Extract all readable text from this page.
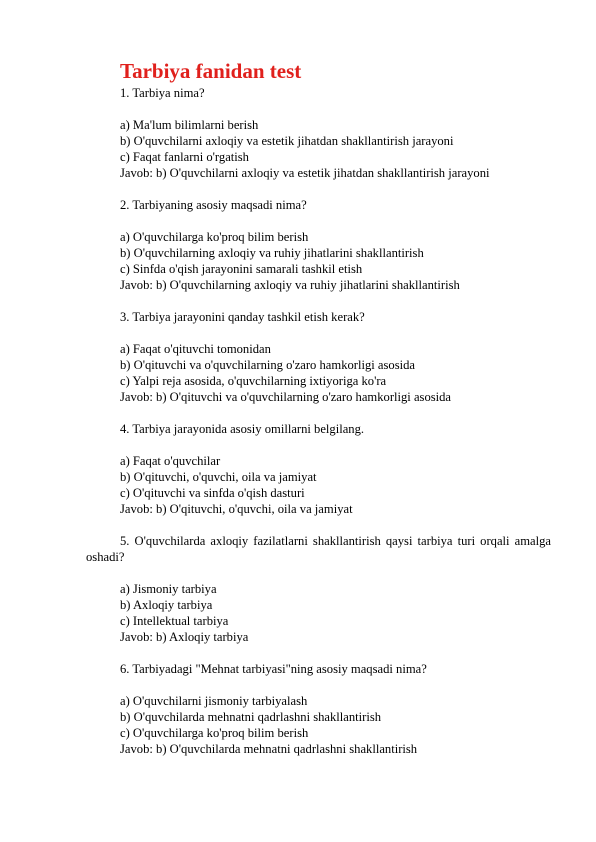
Tarbiya fanidan test

1. Tarbiya nima?

a) Ma'lum bilimlarni berish
b) O'quvchilarni axloqiy va estetik jihatdan shakllantirish jarayoni
c) Faqat fanlarni o'rgatish
Javob: b) O'quvchilarni axloqiy va estetik jihatdan shakllantirish jarayoni

2. Tarbiyaning asosiy maqsadi nima?

a) O'quvchilarga ko'proq bilim berish
b) O'quvchilarning axloqiy va ruhiy jihatlarini shakllantirish
c) Sinfda o'qish jarayonini samarali tashkil etish
Javob: b) O'quvchilarning axloqiy va ruhiy jihatlarini shakllantirish

3. Tarbiya jarayonini qanday tashkil etish kerak?

a) Faqat o'qituvchi tomonidan
b) O'qituvchi va o'quvchilarning o'zaro hamkorligi asosida
c) Yalpi reja asosida, o'quvchilarning ixtiyoriga ko'ra
Javob: b) O'qituvchi va o'quvchilarning o'zaro hamkorligi asosida

4. Tarbiya jarayonida asosiy omillarni belgilang.

a) Faqat o'quvchilar
b) O'qituvchi, o'quvchi, oila va jamiyat
c) O'qituvchi va sinfda o'qish dasturi
Javob: b) O'qituvchi, o'quvchi, oila va jamiyat

5. O'quvchilarda axloqiy fazilatlarni shakllantirish qaysi tarbiya turi orqali amalga oshadi?

a) Jismoniy tarbiya
b) Axloqiy tarbiya
c) Intellektual tarbiya
Javob: b) Axloqiy tarbiya

6. Tarbiyadagi "Mehnat tarbiyasi"ning asosiy maqsadi nima?

a) O'quvchilarni jismoniy tarbiyalash
b) O'quvchilarda mehnatni qadrlashni shakllantirish
c) O'quvchilarga ko'proq bilim berish
Javob: b) O'quvchilarda mehnatni qadrlashni shakllantirish
